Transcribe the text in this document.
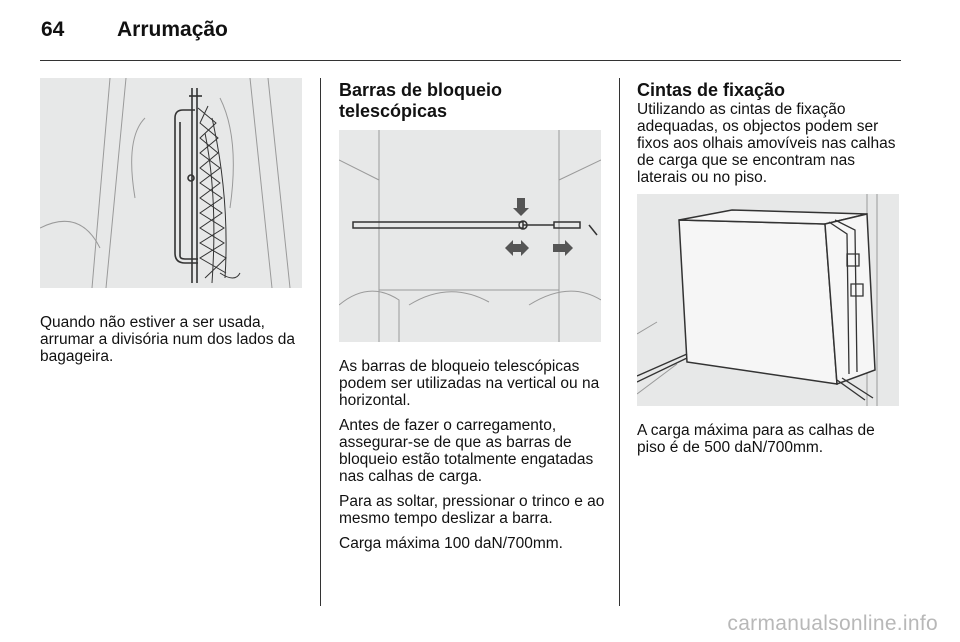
64	Arrumação

Quando não estiver a ser usada, arrumar a divisória num dos lados da bagageira.

Barras de bloqueio telescópicas

As barras de bloqueio telescópicas podem ser utilizadas na vertical ou na horizontal.

Antes de fazer o carregamento, assegurar-se de que as barras de bloqueio estão totalmente engatadas nas calhas de carga.

Para as soltar, pressionar o trinco e ao mesmo tempo deslizar a barra.

Carga máxima 100 daN/700mm.

Cintas de fixação

Utilizando as cintas de fixação adequadas, os objectos podem ser fixos aos olhais amovíveis nas calhas de carga que se encontram nas laterais ou no piso.

A carga máxima para as calhas de piso é de 500 daN/700mm.

carmanualsonline.info
